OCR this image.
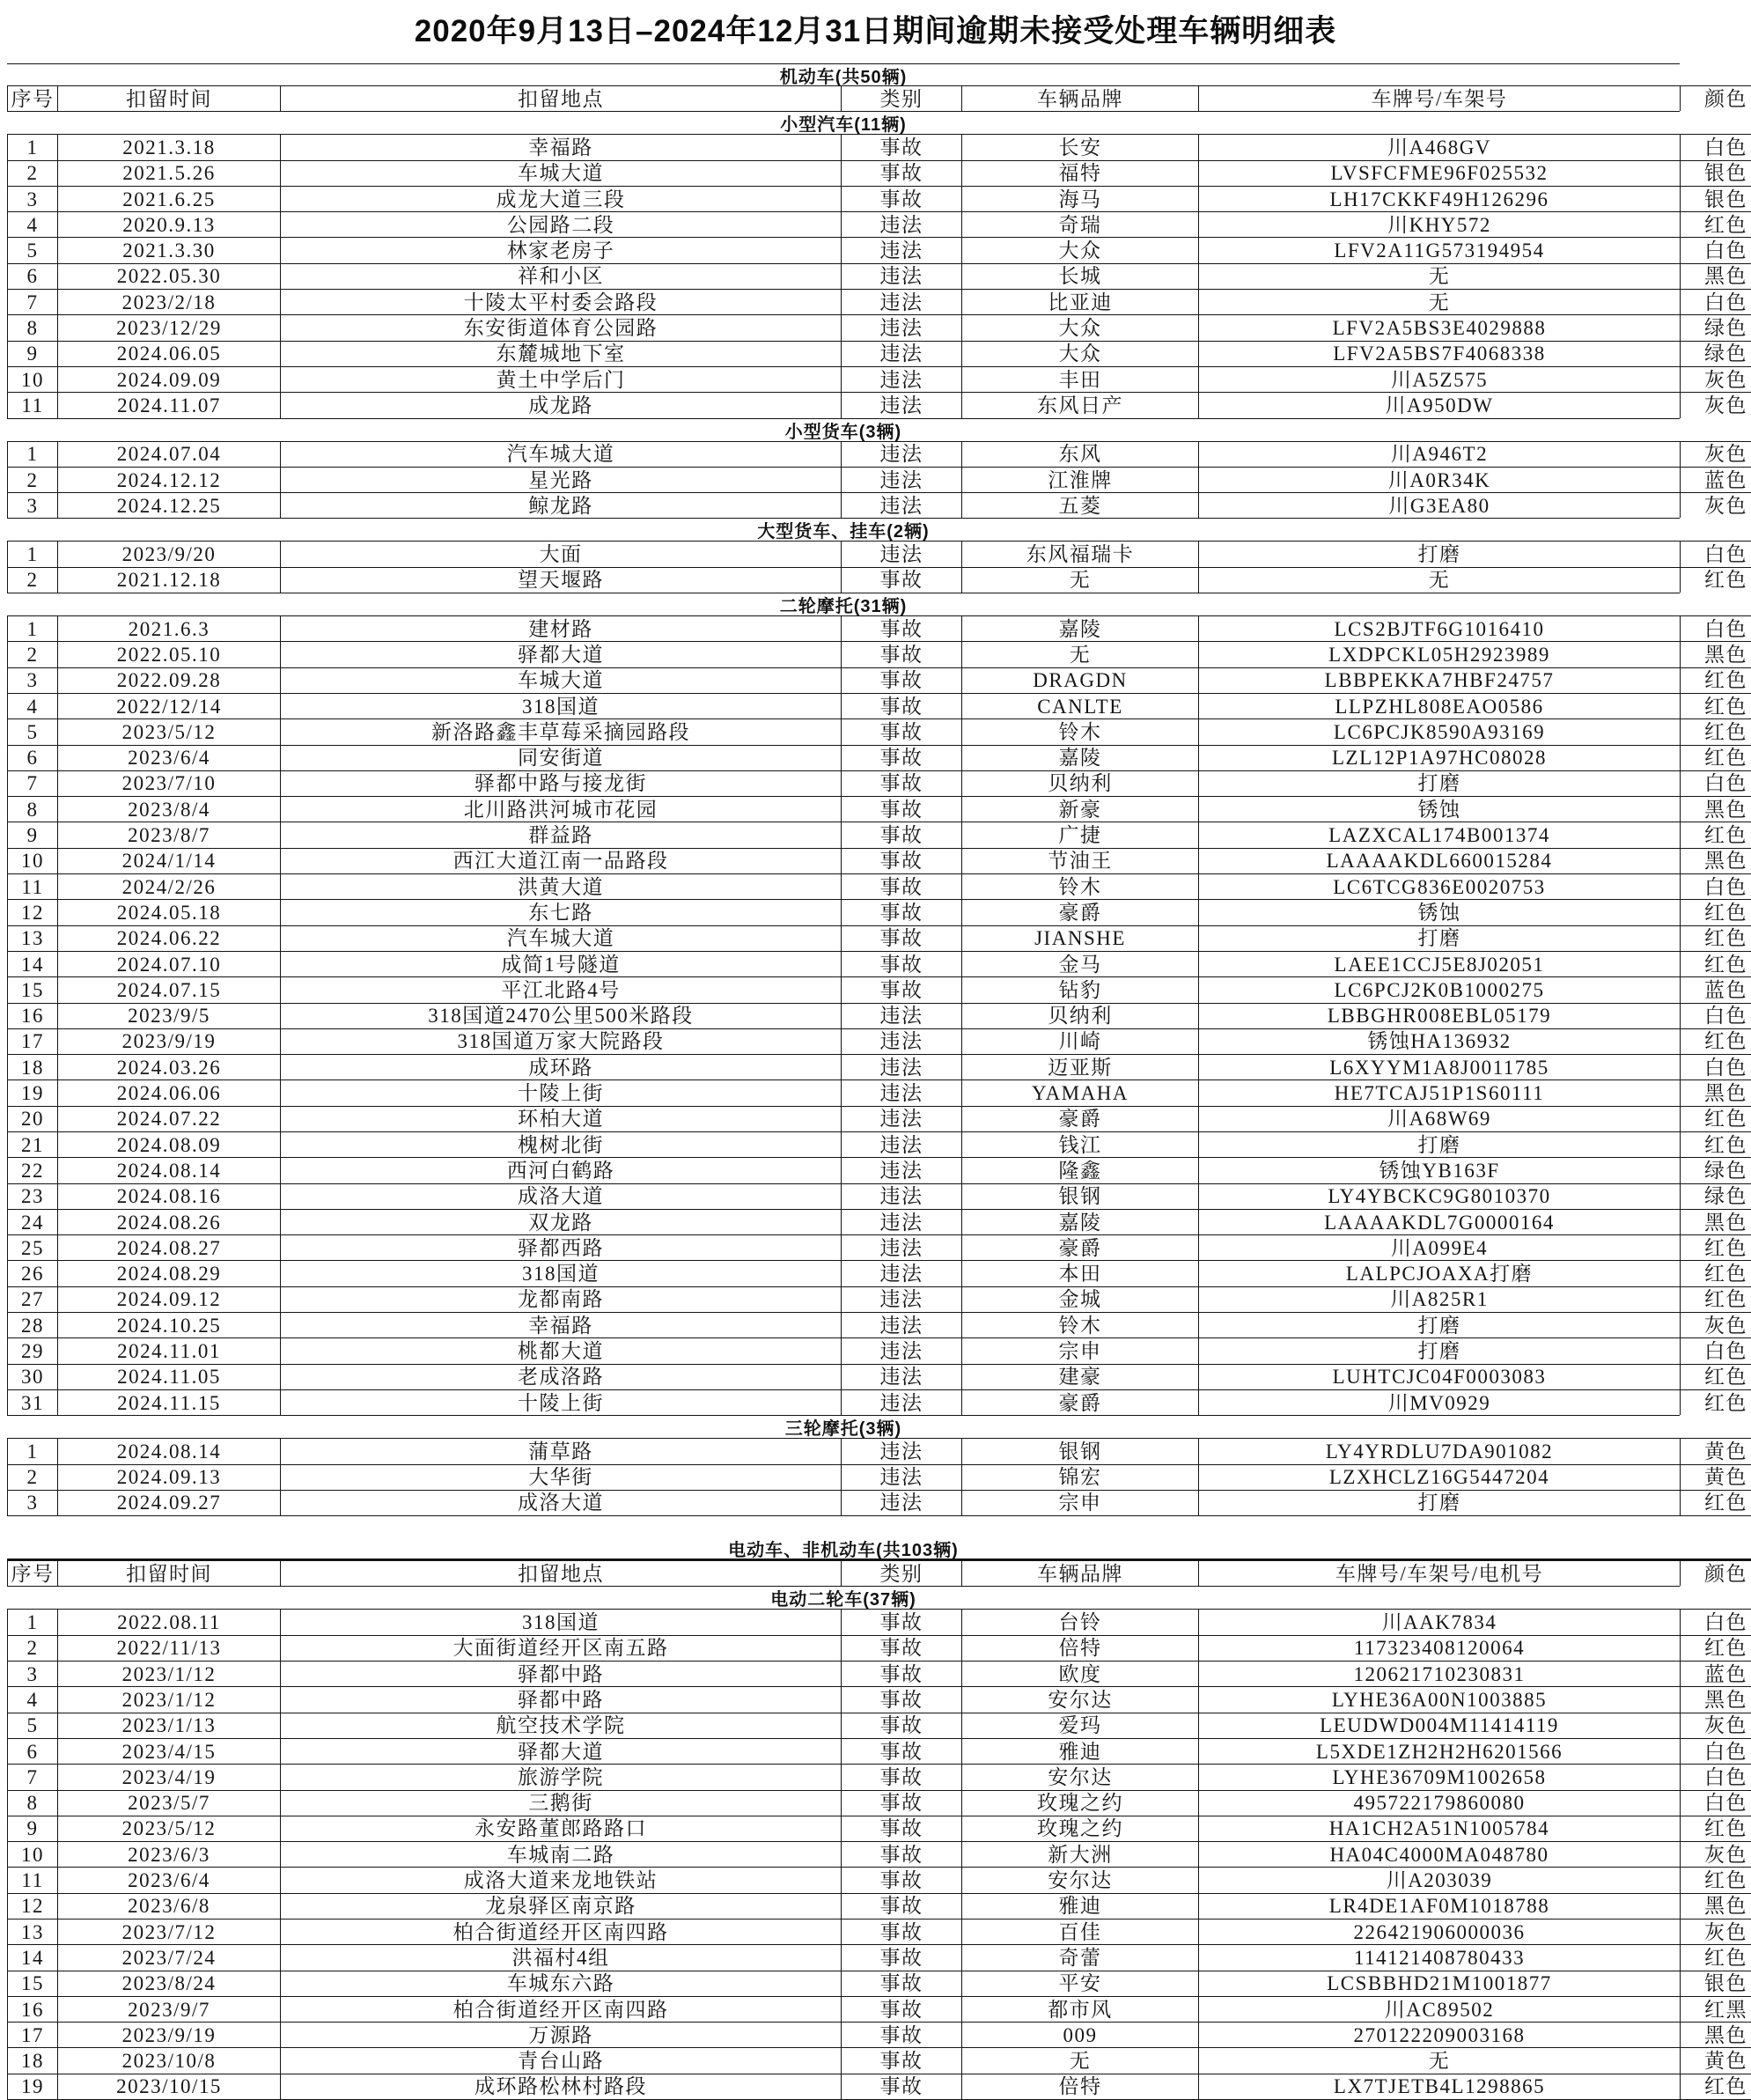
2020年9月13日–2024年12月31日期间逾期未接受处理车辆明细表
机动车(共50辆)
序号	扣留时间	扣留地点	类别	车辆品牌	车牌号/车架号	颜色
小型汽车(11辆)
1	2021.3.18	幸福路	事故	长安	川A468GV	白色
2	2021.5.26	车城大道	事故	福特	LVSFCFME96F025532	银色
3	2021.6.25	成龙大道三段	事故	海马	LH17CKKF49H126296	银色
4	2020.9.13	公园路二段	违法	奇瑞	川KHY572	红色
5	2021.3.30	林家老房子	违法	大众	LFV2A11G573194954	白色
6	2022.05.30	祥和小区	违法	长城	无	黑色
7	2023/2/18	十陵太平村委会路段	违法	比亚迪	无	白色
8	2023/12/29	东安街道体育公园路	违法	大众	LFV2A5BS3E4029888	绿色
9	2024.06.05	东麓城地下室	违法	大众	LFV2A5BS7F4068338	绿色
10	2024.09.09	黄土中学后门	违法	丰田	川A5Z575	灰色
11	2024.11.07	成龙路	违法	东风日产	川A950DW	灰色
小型货车(3辆)
1	2024.07.04	汽车城大道	违法	东风	川A946T2	灰色
2	2024.12.12	星光路	违法	江淮牌	川A0R34K	蓝色
3	2024.12.25	鲸龙路	违法	五菱	川G3EA80	灰色
大型货车、挂车(2辆)
1	2023/9/20	大面	违法	东风福瑞卡	打磨	白色
2	2021.12.18	望天堰路	事故	无	无	红色
二轮摩托(31辆)
1	2021.6.3	建材路	事故	嘉陵	LCS2BJTF6G1016410	白色
2	2022.05.10	驿都大道	事故	无	LXDPCKL05H2923989	黑色
3	2022.09.28	车城大道	事故	DRAGDN	LBBPEKKA7HBF24757	红色
4	2022/12/14	318国道	事故	CANLTE	LLPZHL808EAO0586	红色
5	2023/5/12	新洛路鑫丰草莓采摘园路段	事故	铃木	LC6PCJK8590A93169	红色
6	2023/6/4	同安街道	事故	嘉陵	LZL12P1A97HC08028	红色
7	2023/7/10	驿都中路与接龙街	事故	贝纳利	打磨	白色
8	2023/8/4	北川路洪河城市花园	事故	新豪	锈蚀	黑色
9	2023/8/7	群益路	事故	广捷	LAZXCAL174B001374	红色
10	2024/1/14	西江大道江南一品路段	事故	节油王	LAAAAKDL660015284	黑色
11	2024/2/26	洪黄大道	事故	铃木	LC6TCG836E0020753	白色
12	2024.05.18	东七路	事故	豪爵	锈蚀	红色
13	2024.06.22	汽车城大道	事故	JIANSHE	打磨	红色
14	2024.07.10	成简1号隧道	事故	金马	LAEE1CCJ5E8J02051	红色
15	2024.07.15	平江北路4号	事故	钻豹	LC6PCJ2K0B1000275	蓝色
16	2023/9/5	318国道2470公里500米路段	违法	贝纳利	LBBGHR008EBL05179	白色
17	2023/9/19	318国道万家大院路段	违法	川崎	锈蚀HA136932	红色
18	2024.03.26	成环路	违法	迈亚斯	L6XYYM1A8J0011785	白色
19	2024.06.06	十陵上街	违法	YAMAHA	HE7TCAJ51P1S60111	黑色
20	2024.07.22	环柏大道	违法	豪爵	川A68W69	红色
21	2024.08.09	槐树北街	违法	钱江	打磨	红色
22	2024.08.14	西河白鹤路	违法	隆鑫	锈蚀YB163F	绿色
23	2024.08.16	成洛大道	违法	银钢	LY4YBCKC9G8010370	绿色
24	2024.08.26	双龙路	违法	嘉陵	LAAAAKDL7G0000164	黑色
25	2024.08.27	驿都西路	违法	豪爵	川A099E4	红色
26	2024.08.29	318国道	违法	本田	LALPCJOAXA打磨	红色
27	2024.09.12	龙都南路	违法	金城	川A825R1	红色
28	2024.10.25	幸福路	违法	铃木	打磨	灰色
29	2024.11.01	桃都大道	违法	宗申	打磨	白色
30	2024.11.05	老成洛路	违法	建豪	LUHTCJC04F0003083	红色
31	2024.11.15	十陵上街	违法	豪爵	川MV0929	红色
三轮摩托(3辆)
1	2024.08.14	蒲草路	违法	银钢	LY4YRDLU7DA901082	黄色
2	2024.09.13	大华街	违法	锦宏	LZXHCLZ16G5447204	黄色
3	2024.09.27	成洛大道	违法	宗申	打磨	红色
电动车、非机动车(共103辆)
序号	扣留时间	扣留地点	类别	车辆品牌	车牌号/车架号/电机号	颜色
电动二轮车(37辆)
1	2022.08.11	318国道	事故	台铃	川AAK7834	白色
2	2022/11/13	大面街道经开区南五路	事故	倍特	117323408120064	红色
3	2023/1/12	驿都中路	事故	欧度	120621710230831	蓝色
4	2023/1/12	驿都中路	事故	安尔达	LYHE36A00N1003885	黑色
5	2023/1/13	航空技术学院	事故	爱玛	LEUDWD004M11414119	灰色
6	2023/4/15	驿都大道	事故	雅迪	L5XDE1ZH2H2H6201566	白色
7	2023/4/19	旅游学院	事故	安尔达	LYHE36709M1002658	白色
8	2023/5/7	三鹅街	事故	玫瑰之约	495722179860080	白色
9	2023/5/12	永安路董郎路路口	事故	玫瑰之约	HA1CH2A51N1005784	红色
10	2023/6/3	车城南二路	事故	新大洲	HA04C4000MA048780	灰色
11	2023/6/4	成洛大道来龙地铁站	事故	安尔达	川A203039	红色
12	2023/6/8	龙泉驿区南京路	事故	雅迪	LR4DE1AF0M1018788	黑色
13	2023/7/12	柏合街道经开区南四路	事故	百佳	226421906000036	灰色
14	2023/7/24	洪福村4组	事故	奇蕾	114121408780433	红色
15	2023/8/24	车城东六路	事故	平安	LCSBBHD21M1001877	银色
16	2023/9/7	柏合街道经开区南四路	事故	都市风	川AC89502	红黑
17	2023/9/19	万源路	事故	009	270122209003168	黑色
18	2023/10/8	青台山路	事故	无	无	黄色
19	2023/10/15	成环路松林村路段	事故	倍特	LX7TJETB4L1298865	红色
